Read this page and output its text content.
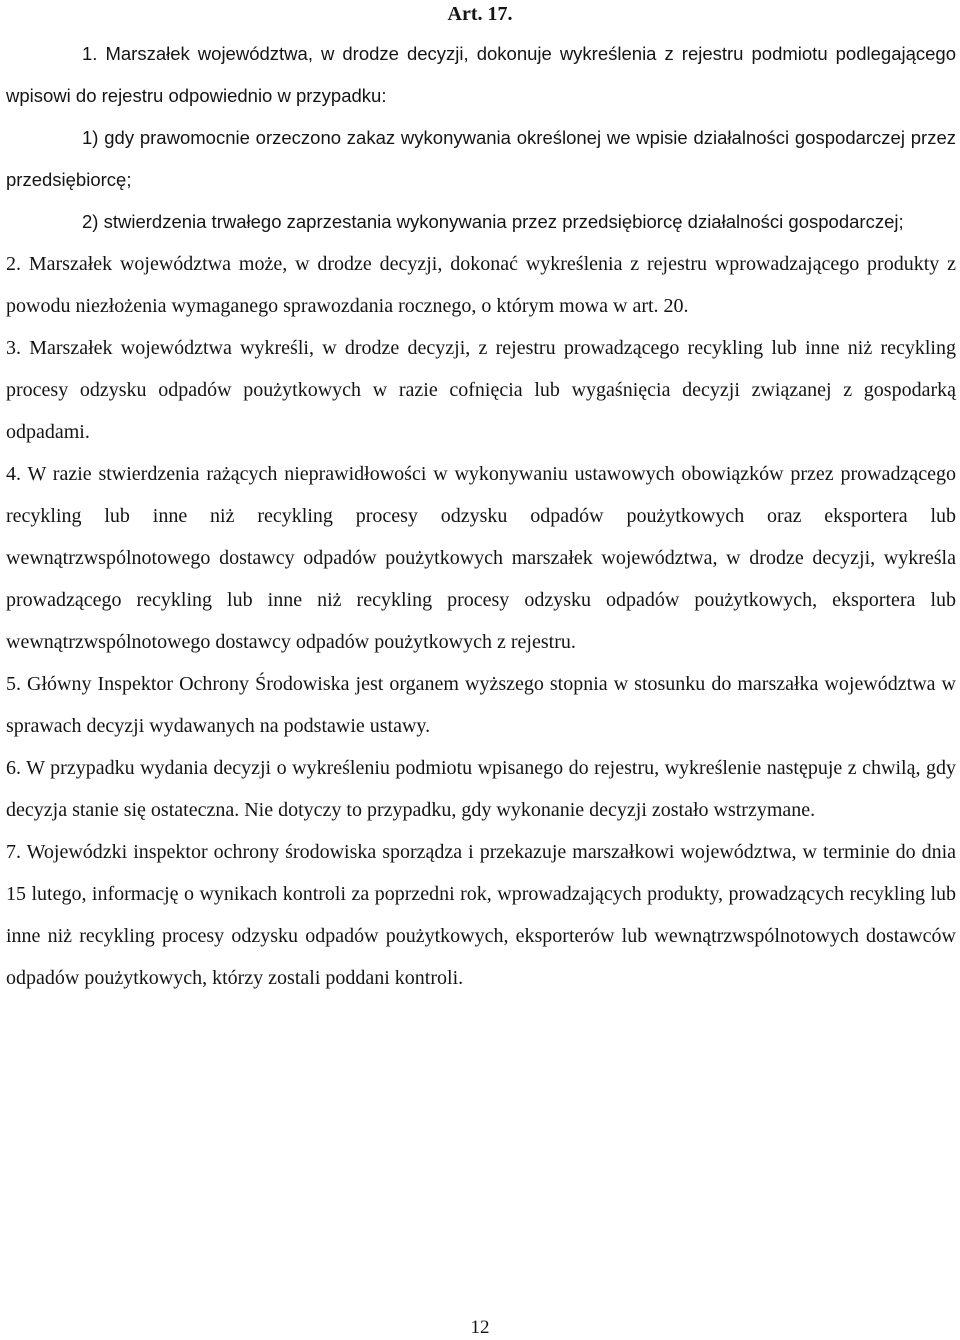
Art. 17.

1. Marszałek województwa, w drodze decyzji, dokonuje wykreślenia z rejestru podmiotu podlegającego wpisowi do rejestru odpowiednio w przypadku:

1) gdy prawomocnie orzeczono zakaz wykonywania określonej we wpisie działalności gospodarczej przez przedsiębiorcę;

2) stwierdzenia trwałego zaprzestania wykonywania przez przedsiębiorcę działalności gospodarczej;

2. Marszałek województwa może, w drodze decyzji, dokonać wykreślenia z rejestru wprowadzającego produkty z powodu niezłożenia wymaganego sprawozdania rocznego, o którym mowa w art. 20.

3. Marszałek województwa wykreśli, w drodze decyzji, z rejestru prowadzącego recykling lub inne niż recykling procesy odzysku odpadów poużytkowych w razie cofnięcia lub wygaśnięcia decyzji związanej z gospodarką odpadami.

4. W razie stwierdzenia rażących nieprawidłowości w wykonywaniu ustawowych obowiązków przez prowadzącego recykling lub inne niż recykling procesy odzysku odpadów poużytkowych oraz eksportera lub wewnątrzwspólnotowego dostawcy odpadów poużytkowych marszałek województwa, w drodze decyzji, wykreśla prowadzącego recykling lub inne niż recykling procesy odzysku odpadów poużytkowych, eksportera lub wewnątrzwspólnotowego dostawcy odpadów poużytkowych z rejestru.

5. Główny Inspektor Ochrony Środowiska jest organem wyższego stopnia w stosunku do marszałka województwa w sprawach decyzji wydawanych na podstawie ustawy.

6. W przypadku wydania decyzji o wykreśleniu podmiotu wpisanego do rejestru, wykreślenie następuje z chwilą, gdy decyzja stanie się ostateczna. Nie dotyczy to przypadku, gdy wykonanie decyzji zostało wstrzymane.

7. Wojewódzki inspektor ochrony środowiska sporządza i przekazuje marszałkowi województwa, w terminie do dnia 15 lutego, informację o wynikach kontroli za poprzedni rok, wprowadzających produkty, prowadzących recykling lub inne niż recykling procesy odzysku odpadów poużytkowych, eksporterów lub wewnątrzwspólnotowych dostawców odpadów poużytkowych, którzy zostali poddani kontroli.

12
